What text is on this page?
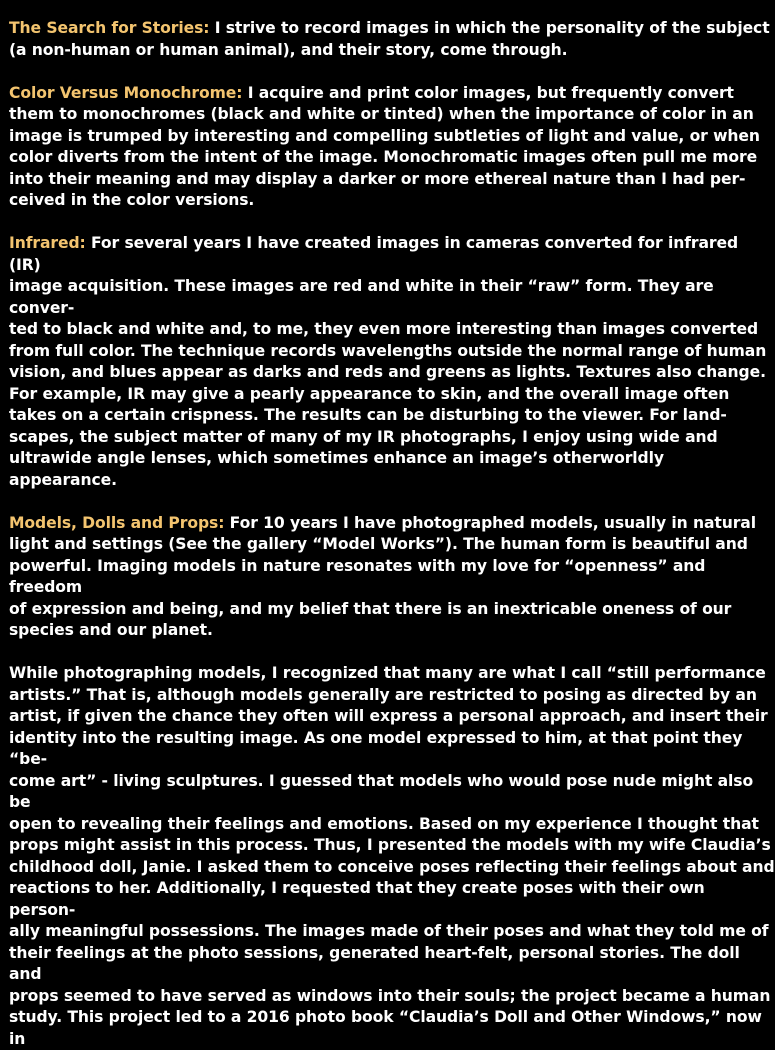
The Search for Stories: I strive to record images in which the personality of the subject
(a non-human or human animal), and their story, come through.

Color Versus Monochrome: I acquire and print color images, but frequently convert
them to monochromes (black and white or tinted) when the importance of color in an
image is trumped by interesting and compelling subtleties of light and value, or when
color diverts from the intent of the image. Monochromatic images often pull me more
into their meaning and may display a darker or more ethereal nature than I had per-
ceived in the color versions.

Infrared: For several years I have created images in cameras converted for infrared (IR)
image acquisition. These images are red and white in their “raw” form. They are conver-
ted to black and white and, to me, they even more interesting than images converted
from full color. The technique records wavelengths outside the normal range of human
vision, and blues appear as darks and reds and greens as lights. Textures also change.
For example, IR may give a pearly appearance to skin, and the overall image often
takes on a certain crispness. The results can be disturbing to the viewer. For land-
scapes, the subject matter of many of my IR photographs, I enjoy using wide and
ultrawide angle lenses, which sometimes enhance an image’s otherworldly appearance.

Models, Dolls and Props: For 10 years I have photographed models, usually in natural
light and settings (See the gallery “Model Works”). The human form is beautiful and
powerful. Imaging models in nature resonates with my love for “openness” and freedom
of expression and being, and my belief that there is an inextricable oneness of our
species and our planet.

While photographing models, I recognized that many are what I call “still performance
artists.” That is, although models generally are restricted to posing as directed by an
artist, if given the chance they often will express a personal approach, and insert their
identity into the resulting image. As one model expressed to him, at that point they “be-
come art” - living sculptures. I guessed that models who would pose nude might also be
open to revealing their feelings and emotions. Based on my experience I thought that
props might assist in this process. Thus, I presented the models with my wife Claudia’s
childhood doll, Janie. I asked them to conceive poses reflecting their feelings about and
reactions to her. Additionally, I requested that they create poses with their own person-
ally meaningful possessions. The images made of their poses and what they told me of
their feelings at the photo sessions, generated heart-felt, personal stories. The doll and
props seemed to have served as windows into their souls; the project became a human
study. This project led to a 2016 photo book “Claudia’s Doll and Other Windows,” now in
